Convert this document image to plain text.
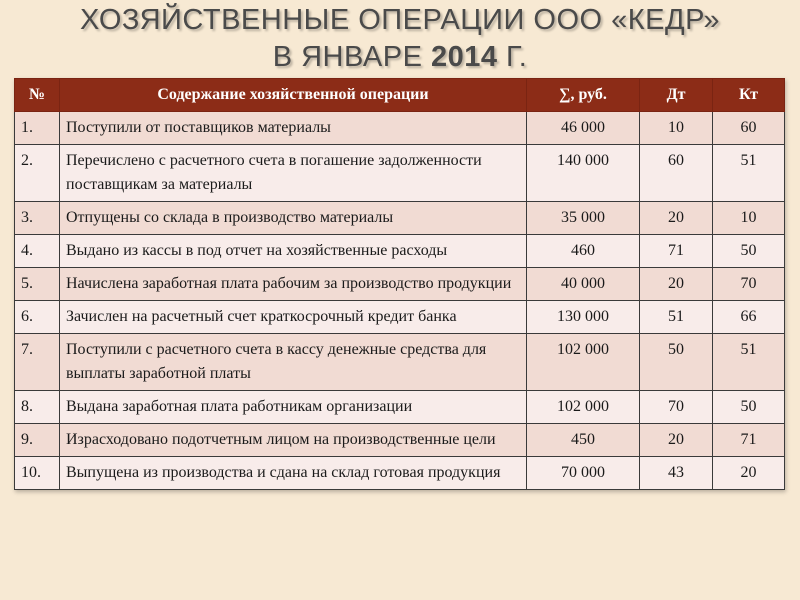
ХОЗЯЙСТВЕННЫЕ ОПЕРАЦИИ ООО «КЕДР»
В ЯНВАРЕ 2014 Г.
№	Содержание хозяйственной операции	∑, руб.	Дт	Кт
1.	Поступили от поставщиков материалы	46 000	10	60
2.	Перечислено с расчетного счета в погашение задолженности поставщикам за материалы	140 000	60	51
3.	Отпущены со склада в производство материалы	35 000	20	10
4.	Выдано из кассы в под отчет на хозяйственные расходы	460	71	50
5.	Начислена заработная плата рабочим за производство продукции	40 000	20	70
6.	Зачислен на расчетный счет краткосрочный кредит банка	130 000	51	66
7.	Поступили с расчетного счета в кассу денежные средства для выплаты заработной платы	102 000	50	51
8.	Выдана заработная плата работникам организации	102 000	70	50
9.	Израсходовано подотчетным лицом на производственные цели	450	20	71
10.	Выпущена из производства и сдана на склад готовая продукция	70 000	43	20
